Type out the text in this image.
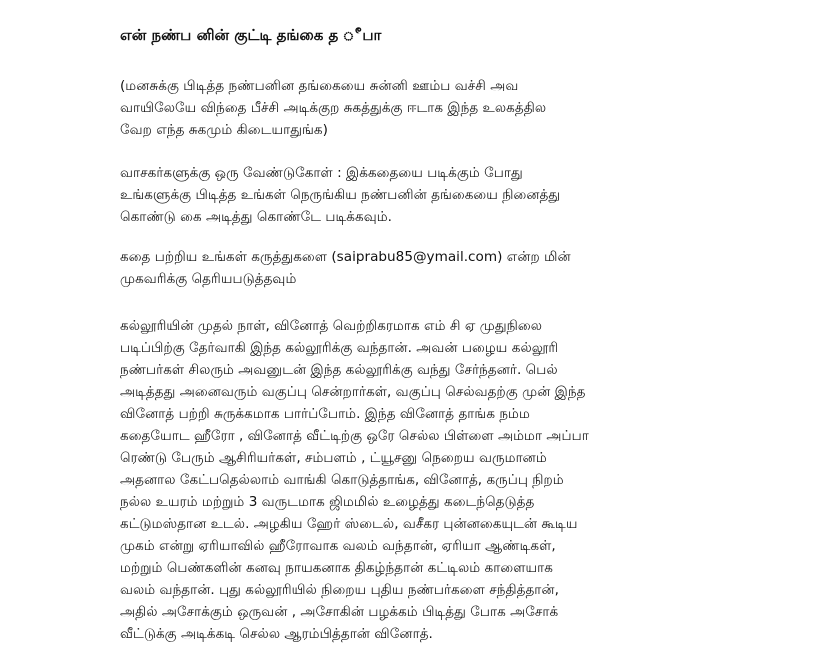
என் நண்ப னின் குட்டி தங்கை த ீபா
(மனசுக்கு பிடித்த நண்பனின தங்கையை சுன்னி ஊம்ப வச்சி அவ
வாயிலேயே விந்தை பீச்சி அடிக்குற சுகத்துக்கு ஈடாக இந்த உலகத்தில
வேற எந்த சுகமும் கிடையாதுங்க)
வாசகர்களுக்கு ஒரு வேண்டுகோள் : இக்கதையை படிக்கும் போது
உங்களுக்கு பிடித்த உங்கள் நெருங்கிய நண்பனின் தங்கையை நினைத்து
கொண்டு கை அடித்து கொண்டே படிக்கவும்.
கதை பற்றிய உங்கள் கருத்துகளை (saiprabu85@ymail.com) என்ற மின்
முகவரிக்கு தெரியபடுத்தவும்
கல்லூரியின் முதல் நாள், வினோத் வெற்றிகரமாக எம் சி ஏ முதுநிலை
படிப்பிற்கு தேர்வாகி இந்த கல்லூரிக்கு வந்தான். அவன் பழைய கல்லூரி
நண்பர்கள் சிலரும் அவனுடன் இந்த கல்லூரிக்கு வந்து சேர்ந்தனர். பெல்
அடித்தது அனைவரும் வகுப்பு சென்றார்கள், வகுப்பு செல்வதற்கு முன் இந்த
வினோத் பற்றி சுருக்கமாக பார்ப்போம். இந்த வினோத் தாங்க நம்ம
கதையோட ஹீரோ , வினோத் வீட்டிற்கு ஒரே செல்ல பிள்ளை அம்மா அப்பா
ரெண்டு பேரும் ஆசிரியர்கள், சம்பளம் , ட்யூசனு நெறைய வருமானம்
அதனால கேட்பதெல்லாம் வாங்கி கொடுத்தாங்க, வினோத், கருப்பு நிறம்
நல்ல உயரம் மற்றும் 3 வருடமாக ஜிமமில் உழைத்து கடைந்தெடுத்த
கட்டுமஸ்தான உடல். அழகிய ஹேர் ஸ்டைல், வசீகர புன்னகையுடன் கூடிய
முகம் என்று ஏரியாவில் ஹீரோவாக வலம் வந்தான், ஏரியா ஆண்டிகள்,
மற்றும் பெண்களின் கனவு நாயகனாக திகழ்ந்தான் கட்டிலம் காளையாக
வலம் வந்தான். புது கல்லூரியில் நிறைய புதிய நண்பர்களை சந்தித்தான்,
அதில் அசோக்கும் ஒருவன் , அசோகின் பழக்கம் பிடித்து போக அசோக்
வீட்டுக்கு அடிக்கடி செல்ல ஆரம்பித்தான் வினோத்.
